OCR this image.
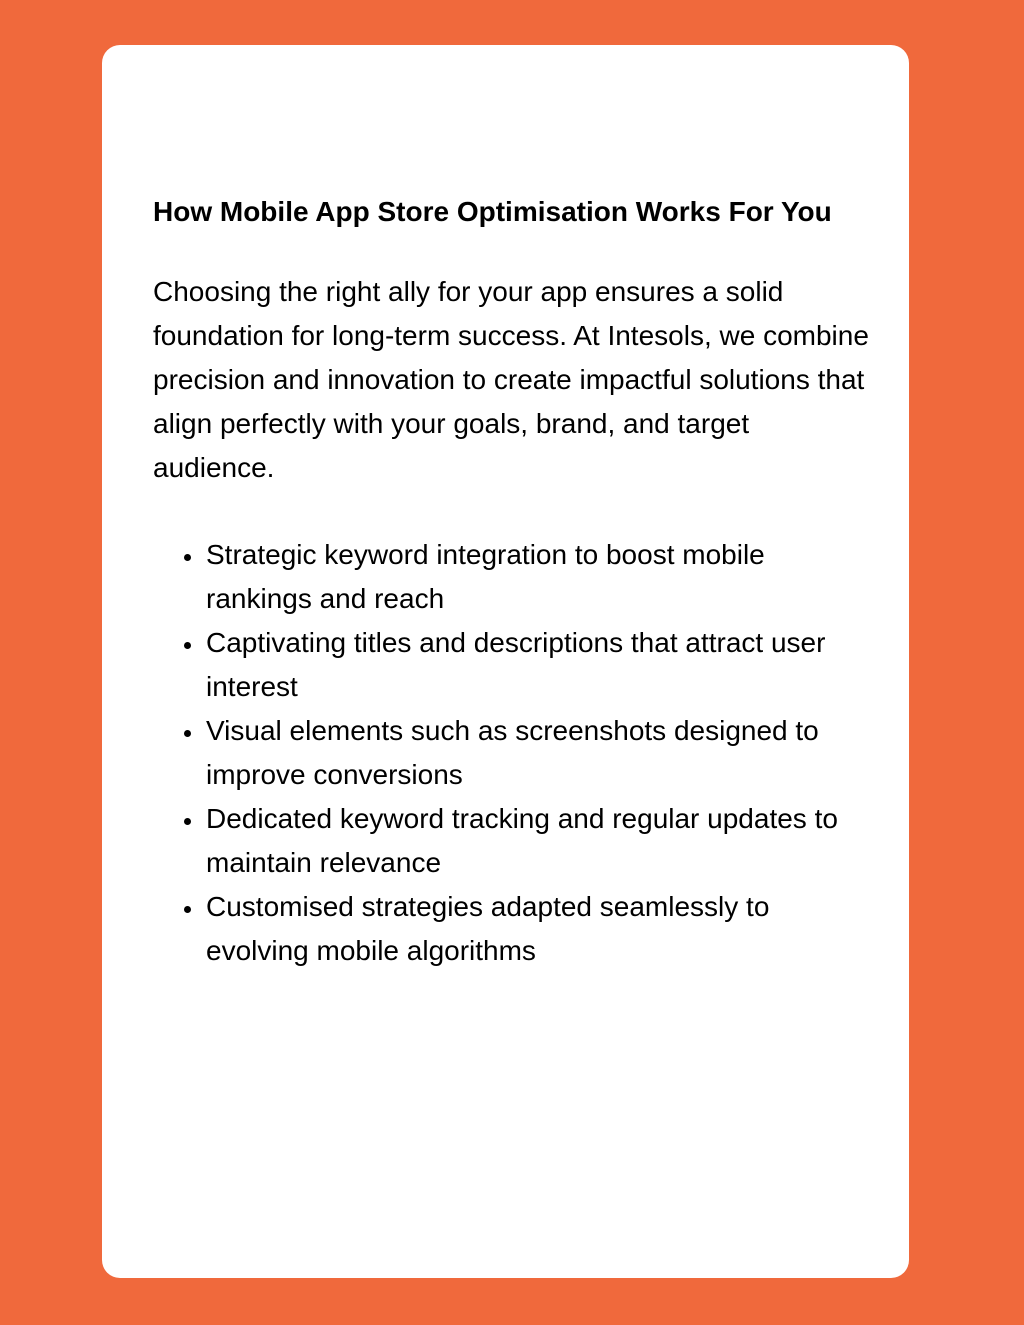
How Mobile App Store Optimisation Works For You

Choosing the right ally for your app ensures a solid foundation for long-term success. At Intesols, we combine precision and innovation to create impactful solutions that align perfectly with your goals, brand, and target audience.

Strategic keyword integration to boost mobile rankings and reach
Captivating titles and descriptions that attract user interest
Visual elements such as screenshots designed to improve conversions
Dedicated keyword tracking and regular updates to maintain relevance
Customised strategies adapted seamlessly to evolving mobile algorithms
